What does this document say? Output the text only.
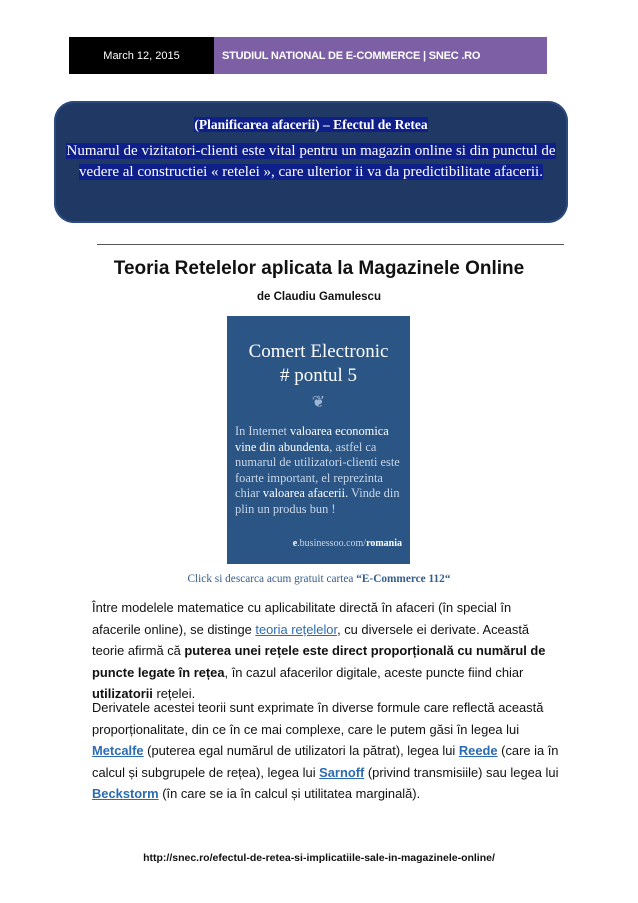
March 12, 2015	STUDIUL NATIONAL DE E-COMMERCE | SNEC .RO
(Planificarea afacerii) – Efectul de Retea
Numarul de vizitatori-clienti este vital pentru un magazin online si din punctul de vedere al constructiei « retelei », care ulterior ii va da predictibilitate afacerii.
Teoria Retelelor aplicata la Magazinele Online
de Claudiu Gamulescu
Comert Electronic
# pontul 5
❦
In Internet valoarea economica vine din abundenta, astfel ca numarul de utilizatori-clienti este foarte important, el reprezinta chiar valoarea afacerii. Vinde din plin un produs bun !
e.businessoo.com/romania
Click si descarca acum gratuit cartea “E-Commerce 112“
Între modelele matematice cu aplicabilitate directă în afaceri (în special în afacerile online), se distinge teoria rețelelor, cu diversele ei derivate. Această teorie afirmă că puterea unei rețele este direct proporțională cu numărul de puncte legate în rețea, în cazul afacerilor digitale, aceste puncte fiind chiar utilizatorii rețelei.
Derivatele acestei teorii sunt exprimate în diverse formule care reflectă această proporționalitate, din ce în ce mai complexe, care le putem găsi în legea lui Metcalfe (puterea egal numărul de utilizatori la pătrat), legea lui Reede (care ia în calcul și subgrupele de rețea), legea lui Sarnoff (privind transmisiile) sau legea lui Beckstorm (în care se ia în calcul și utilitatea marginală).
http://snec.ro/efectul-de-retea-si-implicatiile-sale-in-magazinele-online/
